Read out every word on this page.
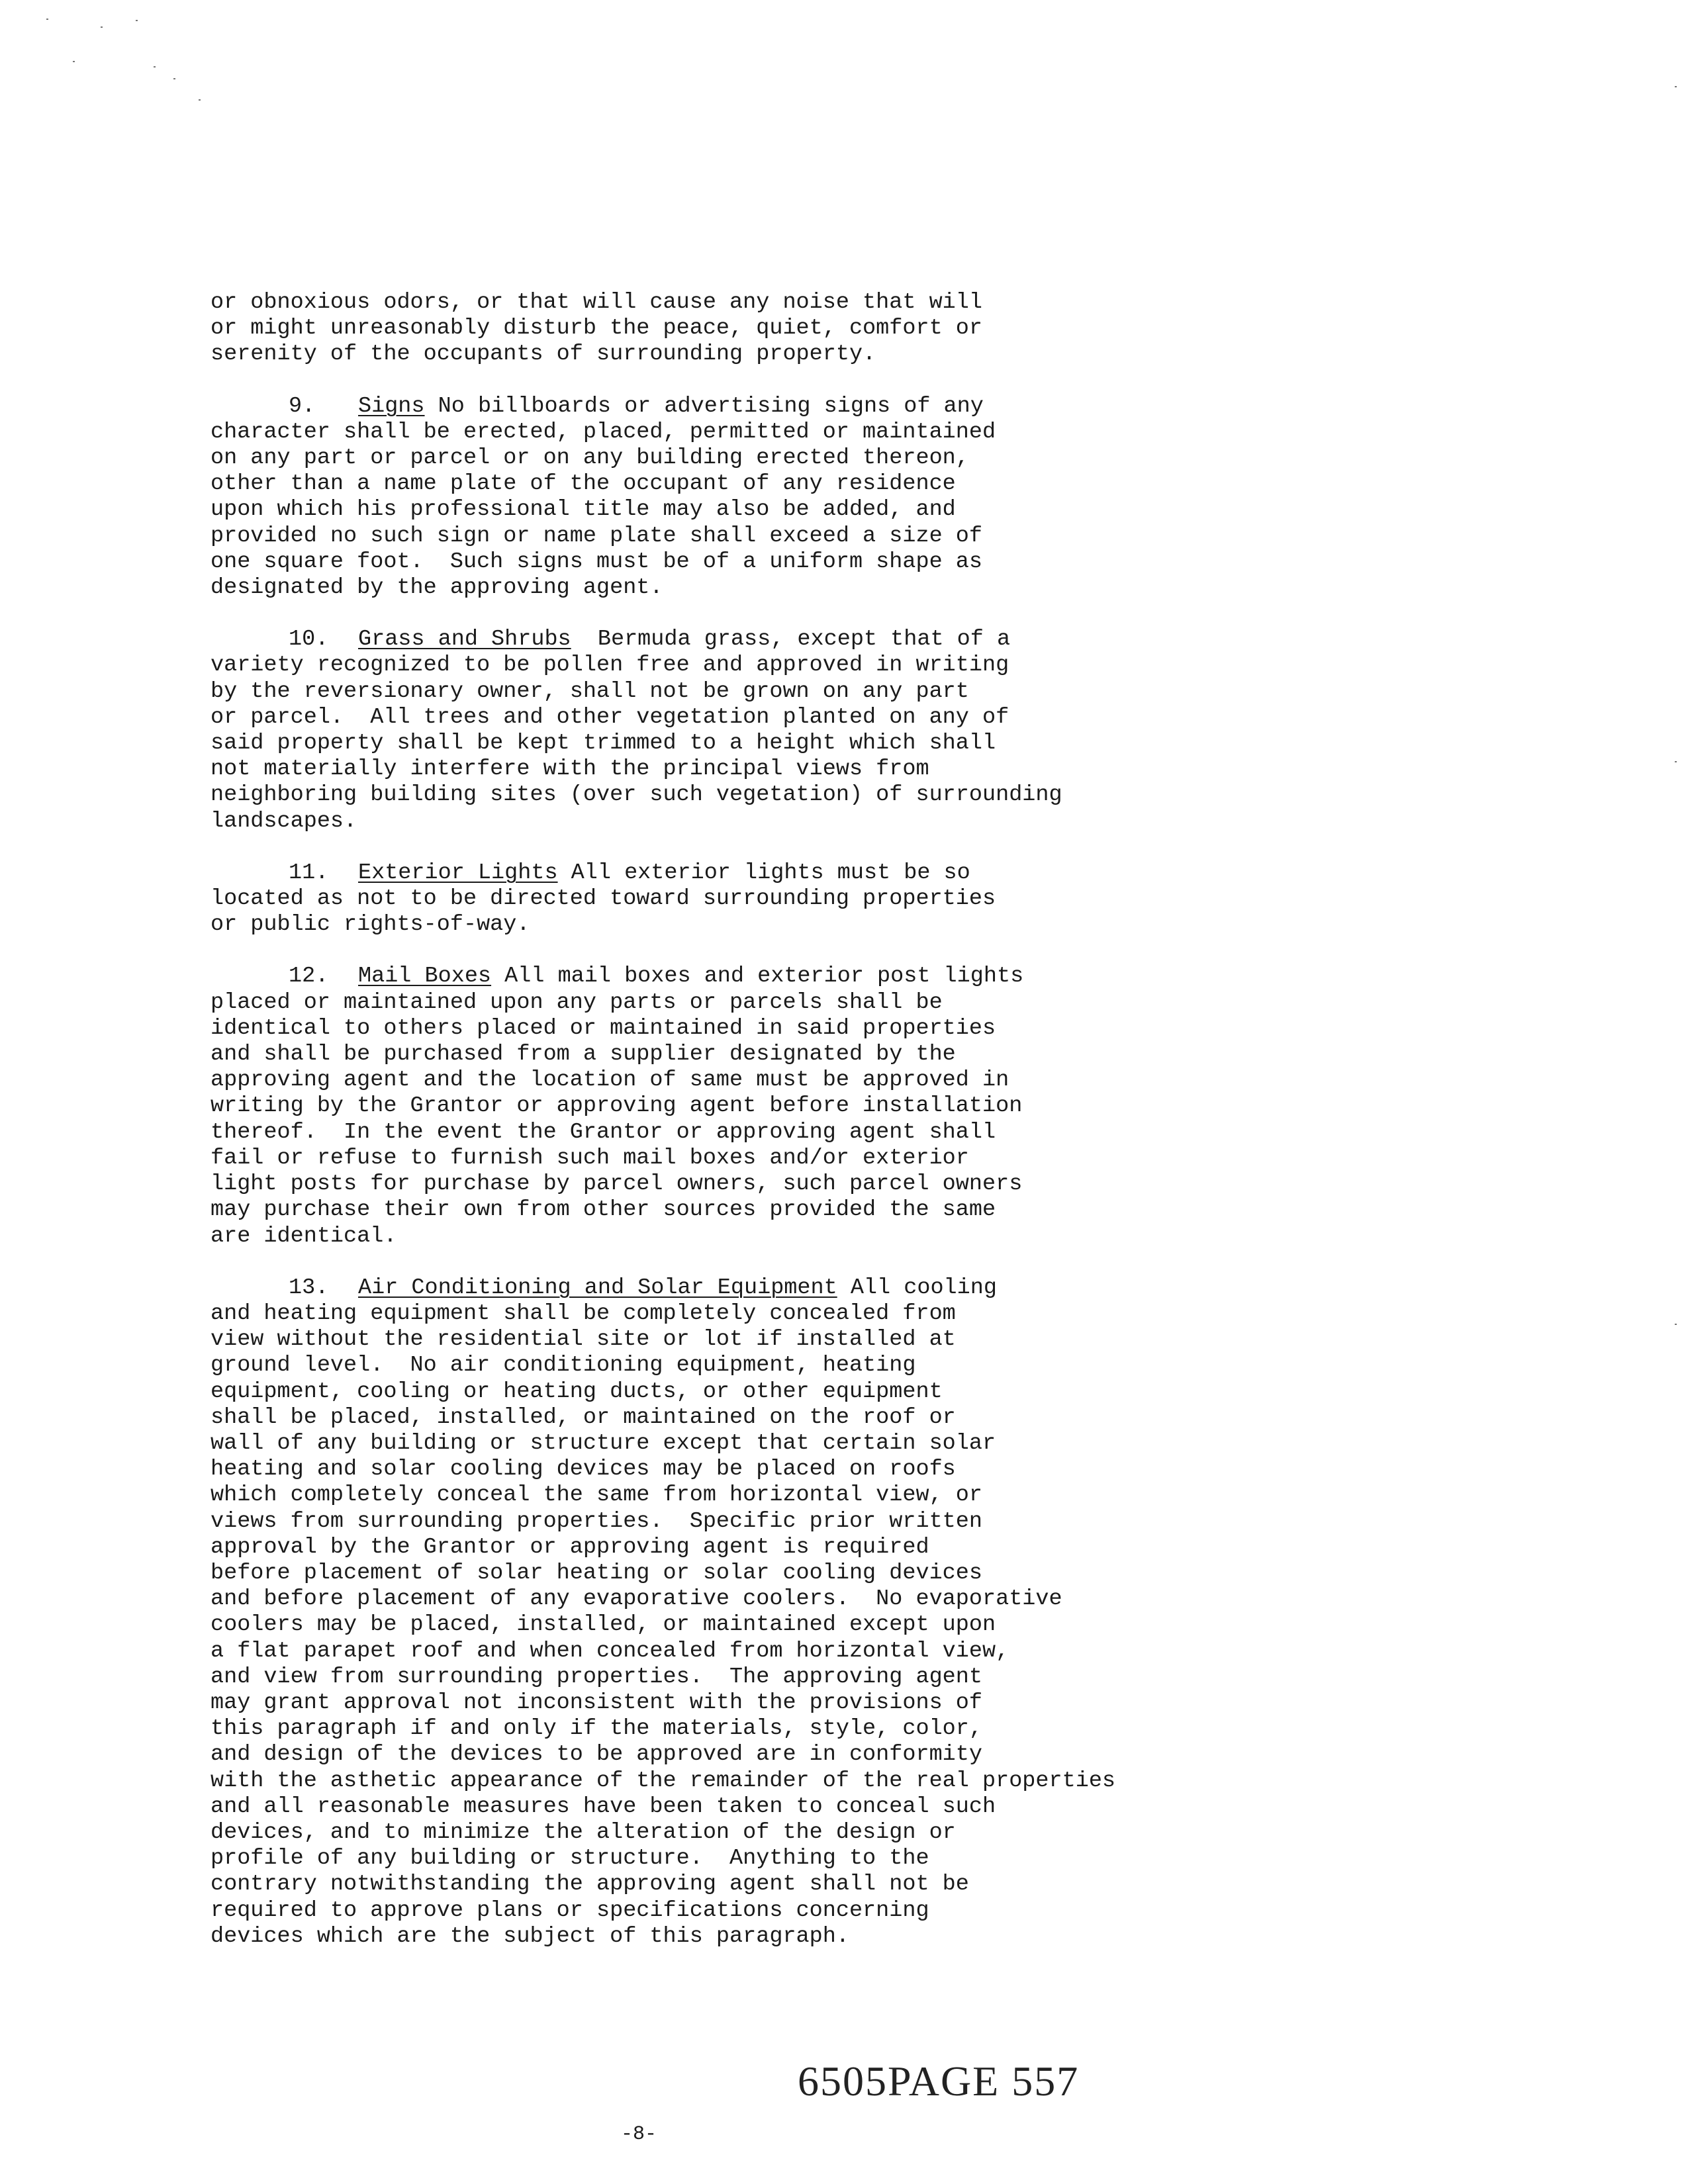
or obnoxious odors, or that will cause any noise that will
or might unreasonably disturb the peace, quiet, comfort or
serenity of the occupants of surrounding property.
9. Signs No billboards or advertising signs of any
character shall be erected, placed, permitted or maintained
on any part or parcel or on any building erected thereon,
other than a name plate of the occupant of any residence
upon which his professional title may also be added, and
provided no such sign or name plate shall exceed a size of
one square foot.  Such signs must be of a uniform shape as
designated by the approving agent.
10. Grass and Shrubs  Bermuda grass, except that of a
variety recognized to be pollen free and approved in writing
by the reversionary owner, shall not be grown on any part
or parcel.  All trees and other vegetation planted on any of
said property shall be kept trimmed to a height which shall
not materially interfere with the principal views from
neighboring building sites (over such vegetation) of surrounding
landscapes.
11. Exterior Lights All exterior lights must be so
located as not to be directed toward surrounding properties
or public rights-of-way.
12. Mail Boxes All mail boxes and exterior post lights
placed or maintained upon any parts or parcels shall be
identical to others placed or maintained in said properties
and shall be purchased from a supplier designated by the
approving agent and the location of same must be approved in
writing by the Grantor or approving agent before installation
thereof.  In the event the Grantor or approving agent shall
fail or refuse to furnish such mail boxes and/or exterior
light posts for purchase by parcel owners, such parcel owners
may purchase their own from other sources provided the same
are identical.
13. Air Conditioning and Solar Equipment All cooling
and heating equipment shall be completely concealed from
view without the residential site or lot if installed at
ground level.  No air conditioning equipment, heating
equipment, cooling or heating ducts, or other equipment
shall be placed, installed, or maintained on the roof or
wall of any building or structure except that certain solar
heating and solar cooling devices may be placed on roofs
which completely conceal the same from horizontal view, or
views from surrounding properties.  Specific prior written
approval by the Grantor or approving agent is required
before placement of solar heating or solar cooling devices
and before placement of any evaporative coolers.  No evaporative
coolers may be placed, installed, or maintained except upon
a flat parapet roof and when concealed from horizontal view,
and view from surrounding properties.  The approving agent
may grant approval not inconsistent with the provisions of
this paragraph if and only if the materials, style, color,
and design of the devices to be approved are in conformity
with the asthetic appearance of the remainder of the real properties
and all reasonable measures have been taken to conceal such
devices, and to minimize the alteration of the design or
profile of any building or structure.  Anything to the
contrary notwithstanding the approving agent shall not be
required to approve plans or specifications concerning
devices which are the subject of this paragraph.
6505PAGE 557
-8-
